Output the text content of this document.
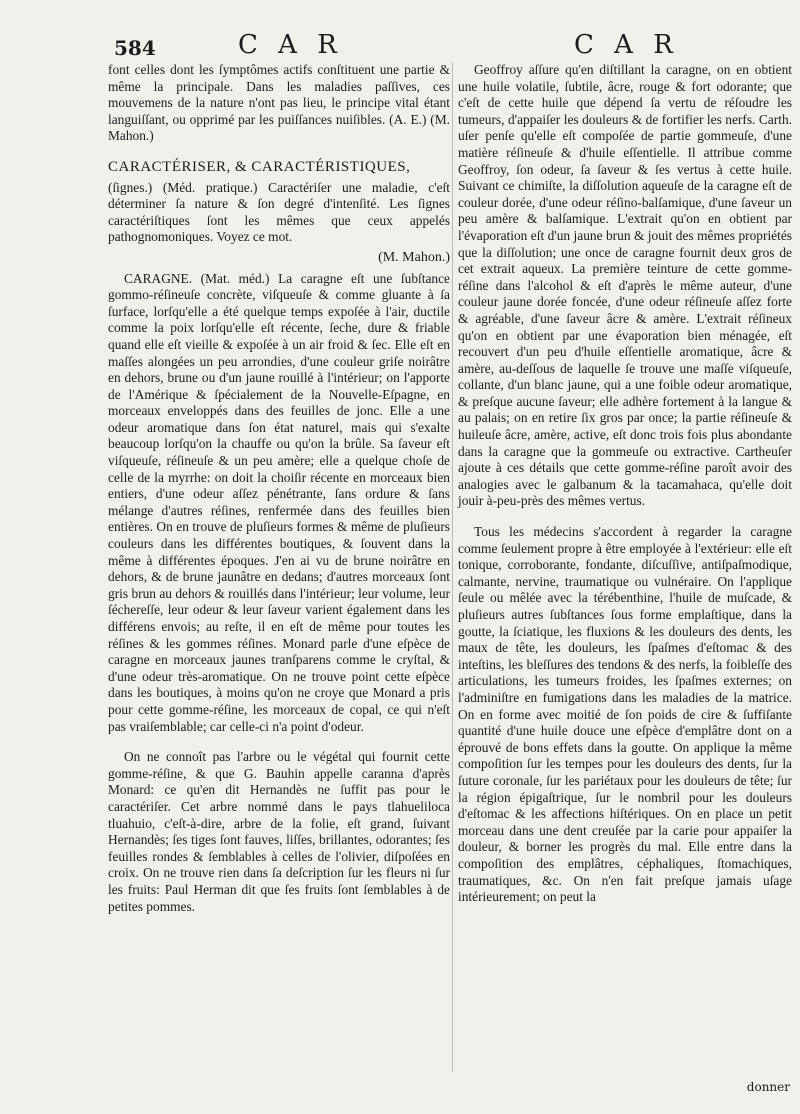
584	C A R	C A R

font celles dont les ſymptômes actifs conſtituent une partie & même la principale. Dans les maladies paſſives, ces mouvemens de la nature n'ont pas lieu, le principe vital étant languiſſant, ou opprimé par les puiſſances nuiſibles. (A. E.) (M. Mahon.)

CARACTÉRISER, & CARACTÉRISTIQUES,

(ſignes.) (Méd. pratique.) Caractériſer une maladie, c'eſt déterminer ſa nature & ſon degré d'intenſité. Les ſignes caractériſtiques ſont les mêmes que ceux appelés pathognomoniques. Voyez ce mot.

(M. Mahon.)

CARAGNE. (Mat. méd.) La caragne eſt une ſubſtance gommo-réſineuſe concrète, viſqueuſe & comme gluante à ſa ſurface, lorſqu'elle a été quelque temps expoſée à l'air, ductile comme la poix lorſqu'elle eſt récente, ſeche, dure & friable quand elle eſt vieille & expoſée à un air froid & ſec. Elle eſt en maſſes alongées un peu arrondies, d'une couleur griſe noirâtre en dehors, brune ou d'un jaune rouillé à l'intérieur; on l'apporte de l'Amérique & ſpécialement de la Nouvelle-Eſpagne, en morceaux enveloppés dans des feuilles de jonc. Elle a une odeur aromatique dans ſon état naturel, mais qui s'exalte beaucoup lorſqu'on la chauffe ou qu'on la brûle. Sa ſaveur eſt viſqueuſe, réſineuſe & un peu amère; elle a quelque choſe de celle de la myrrhe: on doit la choiſir récente en morceaux bien entiers, d'une odeur aſſez pénétrante, ſans ordure & ſans mélange d'autres réſines, renfermée dans des feuilles bien entières. On en trouve de pluſieurs formes & même de pluſieurs couleurs dans les différentes boutiques, & ſouvent dans la même à différentes époques. J'en ai vu de brune noirâtre en dehors, & de brune jaunâtre en dedans; d'autres morceaux ſont gris brun au dehors & rouillés dans l'intérieur; leur volume, leur ſéchereſſe, leur odeur & leur ſaveur varient également dans les différens envois; au reſte, il en eſt de même pour toutes les réſines & les gommes réſines. Monard parle d'une eſpèce de caragne en morceaux jaunes tranſparens comme le cryſtal, & d'une odeur très-aromatique. On ne trouve point cette eſpèce dans les boutiques, à moins qu'on ne croye que Monard a pris pour cette gomme-réſine, les morceaux de copal, ce qui n'eſt pas vraiſemblable; car celle-ci n'a point d'odeur.

On ne connoît pas l'arbre ou le végétal qui fournit cette gomme-réſine, & que G. Bauhin appelle caranna d'après Monard: ce qu'en dit Hernandès ne ſuffit pas pour le caractériſer. Cet arbre nommé dans le pays tlahueliloca tluahuio, c'eſt-à-dire, arbre de la folie, eſt grand, ſuivant Hernandès; ſes tiges ſont fauves, liſſes, brillantes, odorantes; ſes feuilles rondes & ſemblables à celles de l'olivier, diſpoſées en croix. On ne trouve rien dans ſa deſcription ſur les fleurs ni ſur les fruits: Paul Herman dit que ſes fruits ſont ſemblables à de petites pommes.

Geoffroy aſſure qu'en diſtillant la caragne, on en obtient une huile volatile, ſubtile, âcre, rouge & fort odorante; que c'eſt de cette huile que dépend ſa vertu de réſoudre les tumeurs, d'appaiſer les douleurs & de fortifier les nerfs. Carth. uſer penſe qu'elle eſt compoſée de partie gommeuſe, d'une matière réſineuſe & d'huile eſſentielle. Il attribue comme Geoffroy, ſon odeur, ſa ſaveur & ſes vertus à cette huile. Suivant ce chimiſte, la diſſolution aqueuſe de la caragne eſt de couleur dorée, d'une odeur réſino-balſamique, d'une ſaveur un peu amère & balſamique. L'extrait qu'on en obtient par l'évaporation eſt d'un jaune brun & jouit des mêmes propriétés que la diſſolution; une once de caragne fournit deux gros de cet extrait aqueux. La première teinture de cette gomme-réſine dans l'alcohol & eſt d'après le même auteur, d'une couleur jaune dorée foncée, d'une odeur réſineuſe aſſez forte & agréable, d'une ſaveur âcre & amère. L'extrait réſineux qu'on en obtient par une évaporation bien ménagée, eſt recouvert d'un peu d'huile eſſentielle aromatique, âcre & amère, au-deſſous de laquelle ſe trouve une maſſe viſqueuſe, collante, d'un blanc jaune, qui a une foible odeur aromatique, & preſque aucune ſaveur; elle adhère fortement à la langue & au palais; on en retire ſix gros par once; la partie réſineuſe & huileuſe âcre, amère, active, eſt donc trois fois plus abondante dans la caragne que la gommeuſe ou extractive. Cartheuſer ajoute à ces détails que cette gomme-réſine paroît avoir des analogies avec le galbanum & la tacamahaca, qu'elle doit jouir à-peu-près des mêmes vertus.

Tous les médecins s'accordent à regarder la caragne comme ſeulement propre à être employée à l'extérieur: elle eſt tonique, corroborante, fondante, diſcuſſive, antiſpaſmodique, calmante, nervine, traumatique ou vulnéraire. On l'applique ſeule ou mêlée avec la térébenthine, l'huile de muſcade, & pluſieurs autres ſubſtances ſous forme emplaſtique, dans la goutte, la ſciatique, les fluxions & les douleurs des dents, les maux de tête, les douleurs, les ſpaſmes d'eſtomac & des inteſtins, les bleſſures des tendons & des nerfs, la foibleſſe des articulations, les tumeurs froides, les ſpaſmes externes; on l'adminiſtre en fumigations dans les maladies de la matrice. On en forme avec moitié de ſon poids de cire & ſuffiſante quantité d'une huile douce une eſpèce d'emplâtre dont on a éprouvé de bons effets dans la goutte. On applique la même compoſition ſur les tempes pour les douleurs des dents, ſur la ſuture coronale, ſur les pariétaux pour les douleurs de tête; ſur la région épigaſtrique, ſur le nombril pour les douleurs d'eſtomac & les affections hiſtériques. On en place un petit morceau dans une dent creuſée par la carie pour appaiſer la douleur, & borner les progrès du mal. Elle entre dans la compoſition des emplâtres, céphaliques, ſtomachiques, traumatiques, &c. On n'en fait preſque jamais uſage intérieurement; on peut la

donner
